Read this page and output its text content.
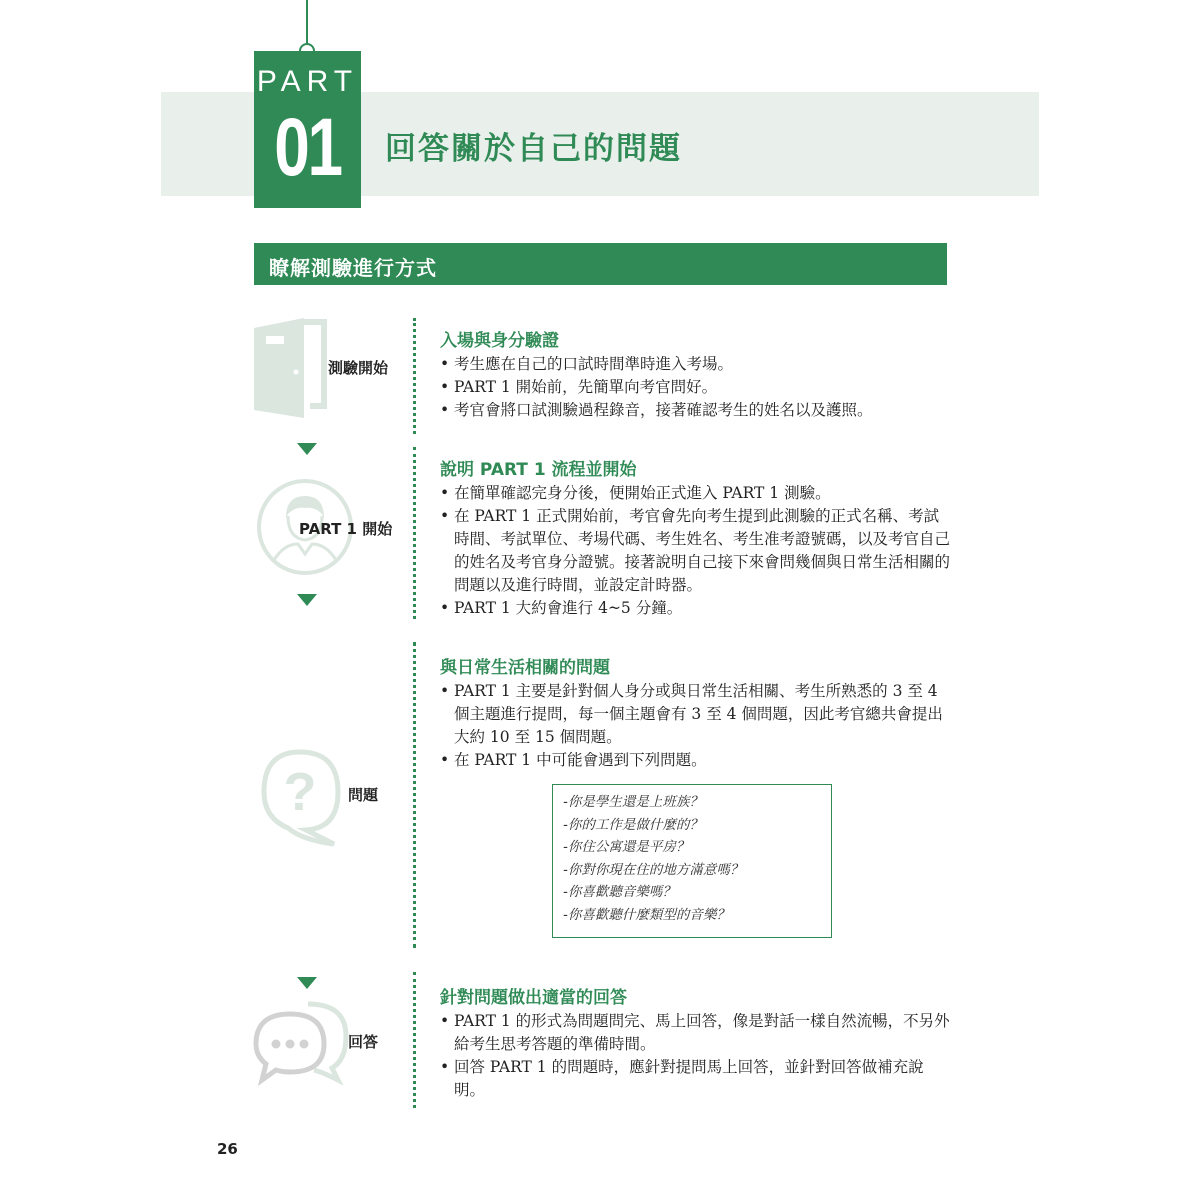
PART
01 回答關於自己的問題
瞭解測驗進行方式
測驗開始
PART 1 開始
? 問題
回答
入場與身分驗證
• 考生應在自己的口試時間準時進入考場。
• PART 1 開始前，先簡單向考官問好。
• 考官會將口試測驗過程錄音，接著確認考生的姓名以及護照。
說明 PART 1 流程並開始
• 在簡單確認完身分後，便開始正式進入 PART 1 測驗。
• 在 PART 1 正式開始前，考官會先向考生提到此測驗的正式名稱、考試時間、考試單位、考場代碼、考生姓名、考生准考證號碼，以及考官自己的姓名及考官身分證號。接著說明自己接下來會問幾個與日常生活相關的問題以及進行時間，並設定計時器。
• PART 1 大約會進行 4~5 分鐘。
與日常生活相關的問題
• PART 1 主要是針對個人身分或與日常生活相關、考生所熟悉的 3 至 4 個主題進行提問，每一個主題會有 3 至 4 個問題，因此考官總共會提出大約 10 至 15 個問題。
• 在 PART 1 中可能會遇到下列問題。
-你是學生還是上班族？
-你的工作是做什麼的？
-你住公寓還是平房？
-你對你現在住的地方滿意嗎？
-你喜歡聽音樂嗎？
-你喜歡聽什麼類型的音樂？
針對問題做出適當的回答
• PART 1 的形式為問題問完、馬上回答，像是對話一樣自然流暢，不另外給考生思考答題的準備時間。
• 回答 PART 1 的問題時，應針對提問馬上回答，並針對回答做補充說明。
26
